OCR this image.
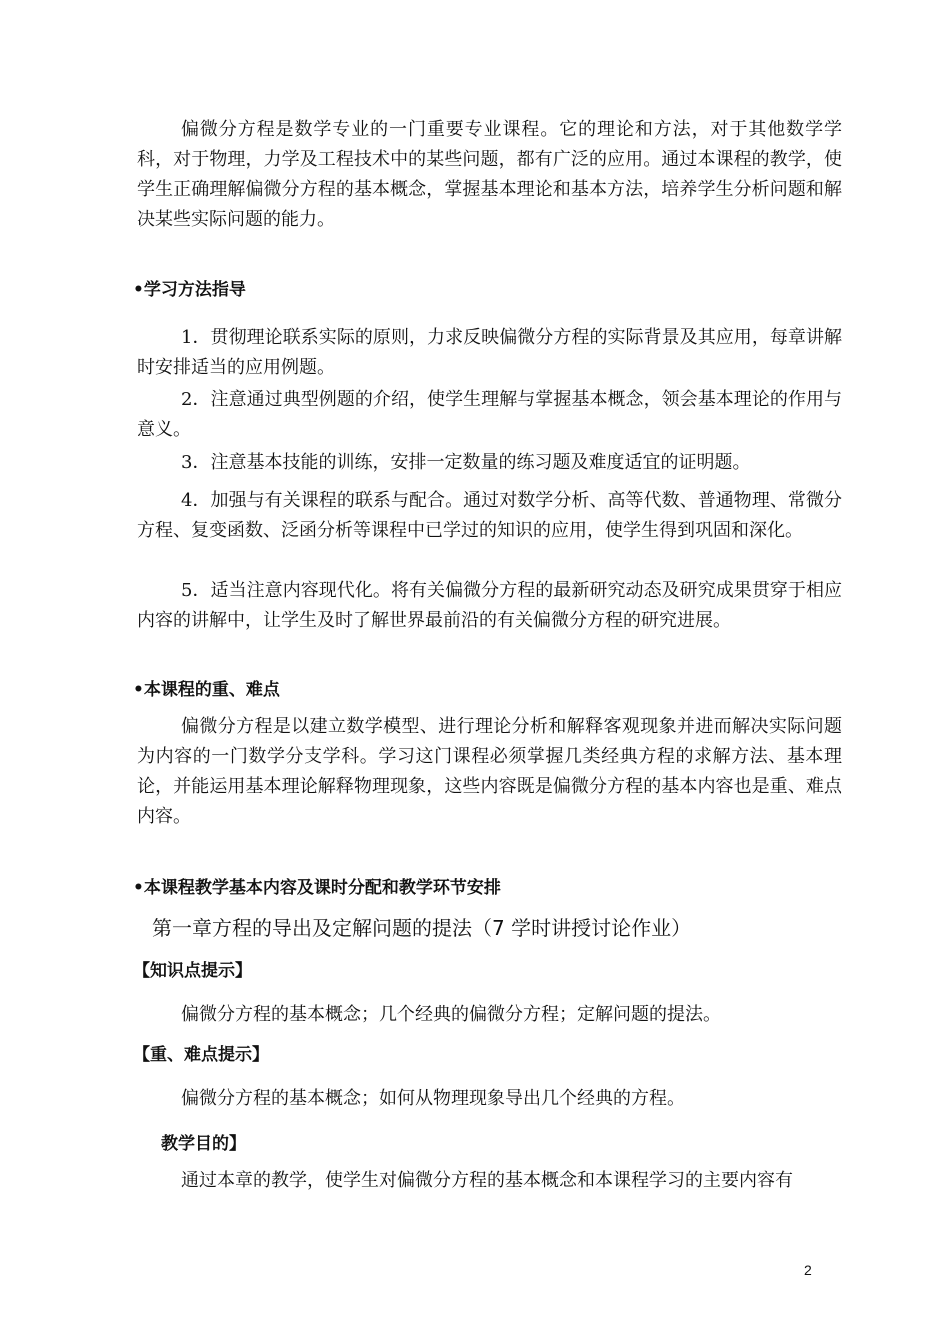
偏微分方程是数学专业的一门重要专业课程。它的理论和方法，对于其他数学学科，对于物理，力学及工程技术中的某些问题，都有广泛的应用。通过本课程的教学，使学生正确理解偏微分方程的基本概念，掌握基本理论和基本方法，培养学生分析问题和解决某些实际问题的能力。

•学习方法指导

1．贯彻理论联系实际的原则，力求反映偏微分方程的实际背景及其应用，每章讲解时安排适当的应用例题。

2．注意通过典型例题的介绍，使学生理解与掌握基本概念，领会基本理论的作用与意义。

3．注意基本技能的训练，安排一定数量的练习题及难度适宜的证明题。

4．加强与有关课程的联系与配合。通过对数学分析、高等代数、普通物理、常微分方程、复变函数、泛函分析等课程中已学过的知识的应用，使学生得到巩固和深化。

5．适当注意内容现代化。将有关偏微分方程的最新研究动态及研究成果贯穿于相应内容的讲解中，让学生及时了解世界最前沿的有关偏微分方程的研究进展。

•本课程的重、难点

偏微分方程是以建立数学模型、进行理论分析和解释客观现象并进而解决实际问题为内容的一门数学分支学科。学习这门课程必须掌握几类经典方程的求解方法、基本理论，并能运用基本理论解释物理现象，这些内容既是偏微分方程的基本内容也是重、难点内容。

•本课程教学基本内容及课时分配和教学环节安排
第一章方程的导出及定解问题的提法（7 学时讲授讨论作业）
【知识点提示】

偏微分方程的基本概念；几个经典的偏微分方程；定解问题的提法。

【重、难点提示】

偏微分方程的基本概念；如何从物理现象导出几个经典的方程。

教学目的】

通过本章的教学，使学生对偏微分方程的基本概念和本课程学习的主要内容有

2
